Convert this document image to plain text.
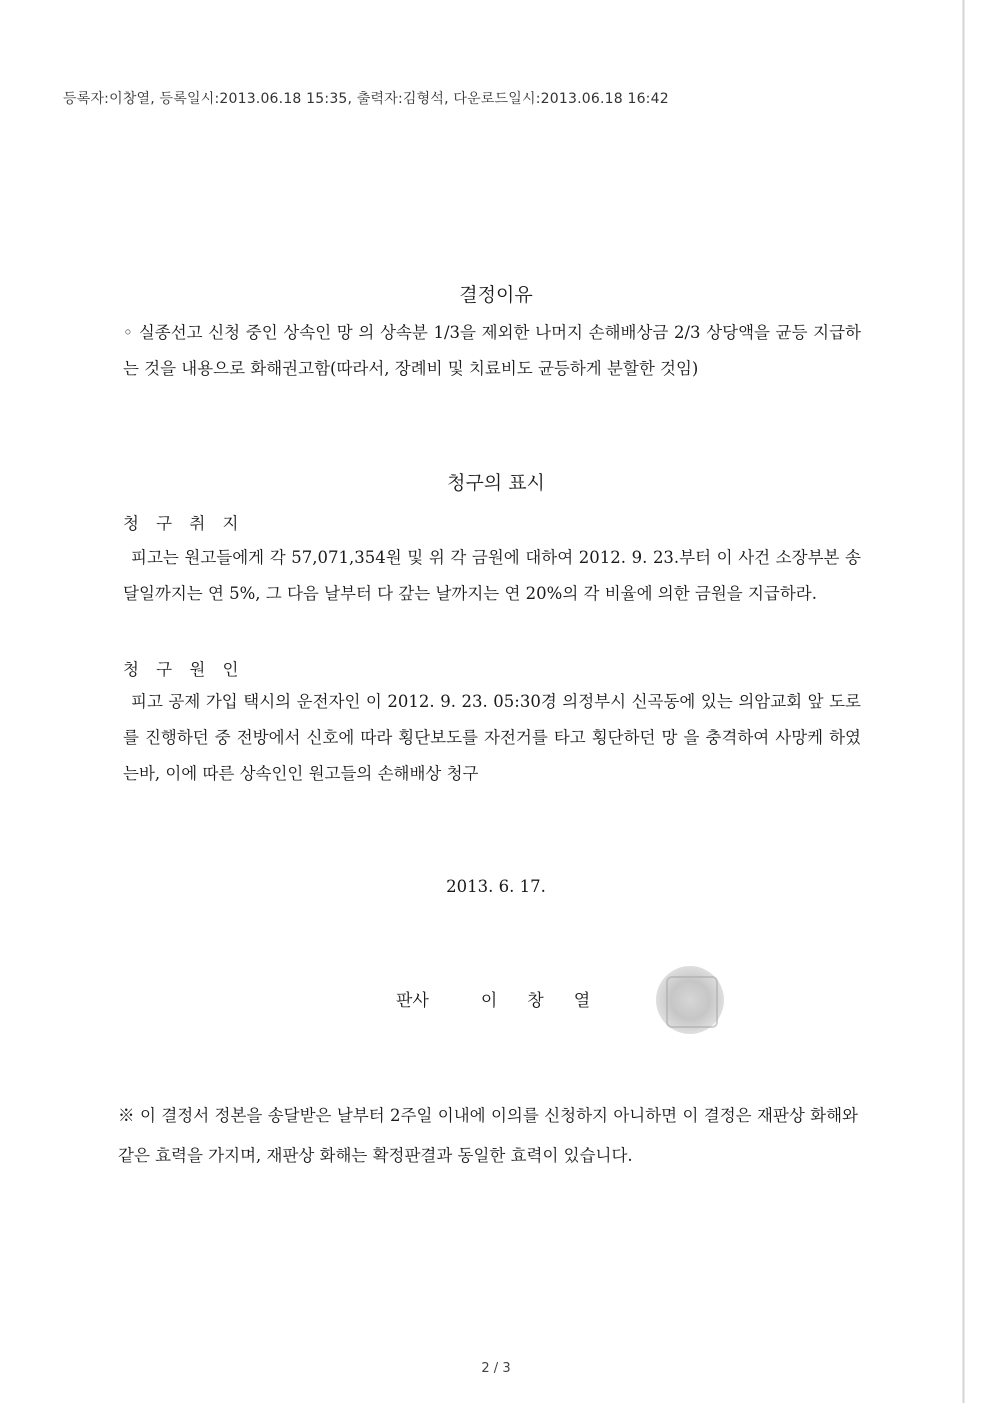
등록자:이창열, 등록일시:2013.06.18 15:35, 출력자:김형석, 다운로드일시:2013.06.18 16:42
결정이유
◦ 실종선고 신청 중인 상속인 망 의 상속분 1/3을 제외한 나머지 손해배상금 2/3 상당액을 균등 지급하는 것을 내용으로 화해권고함(따라서, 장례비 및 치료비도 균등하게 분할한 것임)
청구의 표시
청 구 취 지
피고는 원고들에게 각 57,071,354원 및 위 각 금원에 대하여 2012. 9. 23.부터 이 사건 소장부본 송달일까지는 연 5%, 그 다음 날부터 다 갚는 날까지는 연 20%의 각 비율에 의한 금원을 지급하라.
청 구 원 인
피고 공제 가입 택시의 운전자인 이 2012. 9. 23. 05:30경 의정부시 신곡동에 있는 의암교회 앞 도로를 진행하던 중 전방에서 신호에 따라 횡단보도를 자전거를 타고 횡단하던 망 을 충격하여 사망케 하였는바, 이에 따른 상속인인 원고들의 손해배상 청구
2013. 6. 17.
판사	이창열
※ 이 결정서 정본을 송달받은 날부터 2주일 이내에 이의를 신청하지 아니하면 이 결정은 재판상 화해와 같은 효력을 가지며, 재판상 화해는 확정판결과 동일한 효력이 있습니다.
2 / 3
